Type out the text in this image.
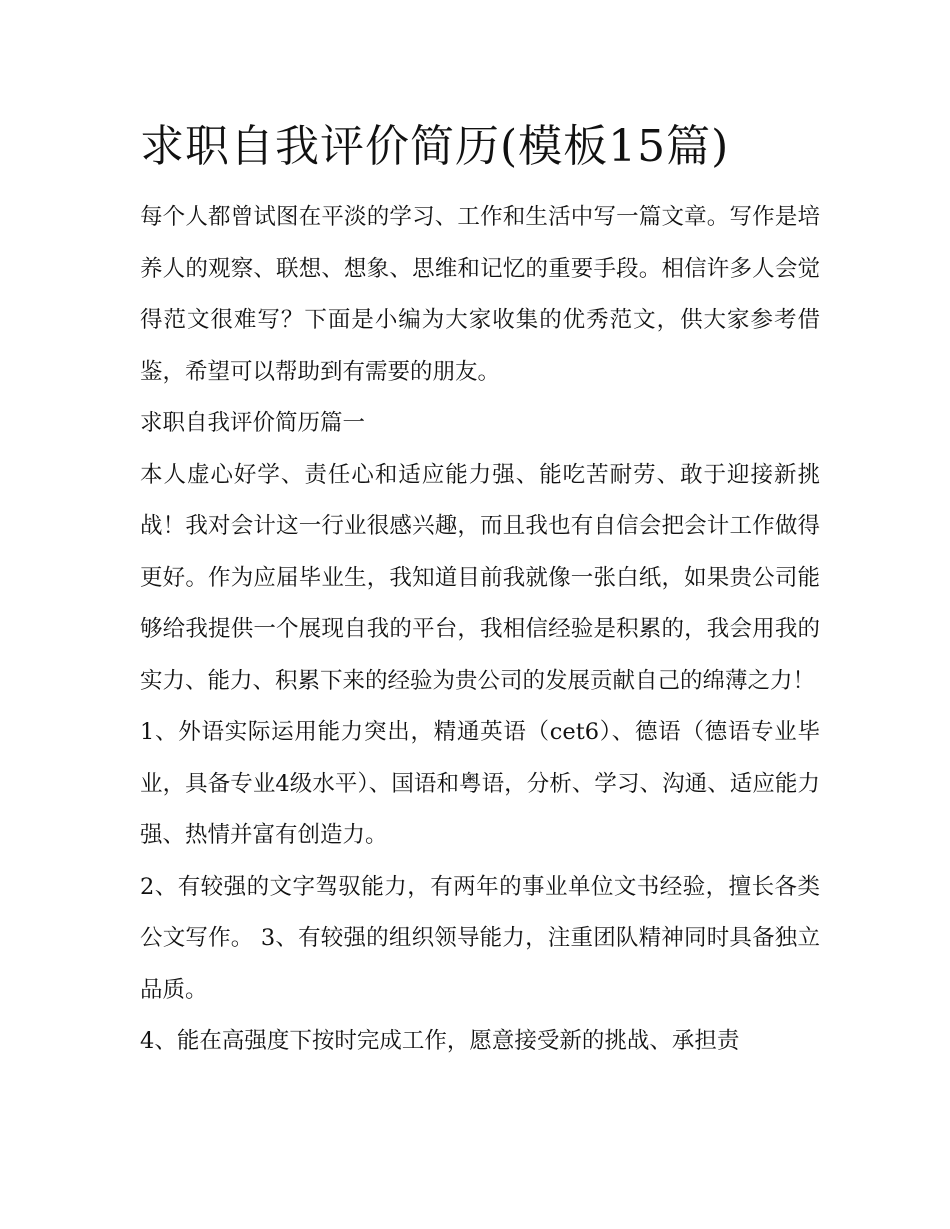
求职自我评价简历(模板15篇)

每个人都曾试图在平淡的学习、工作和生活中写一篇文章。写作是培养人的观察、联想、想象、思维和记忆的重要手段。相信许多人会觉得范文很难写？下面是小编为大家收集的优秀范文，供大家参考借鉴，希望可以帮助到有需要的朋友。

求职自我评价简历篇一

本人虚心好学、责任心和适应能力强、能吃苦耐劳、敢于迎接新挑战！我对会计这一行业很感兴趣，而且我也有自信会把会计工作做得更好。作为应届毕业生，我知道目前我就像一张白纸，如果贵公司能够给我提供一个展现自我的平台，我相信经验是积累的，我会用我的实力、能力、积累下来的经验为贵公司的发展贡献自己的绵薄之力！

1、外语实际运用能力突出，精通英语（cet6）、德语（德语专业毕业，具备专业4级水平）、国语和粤语，分析、学习、沟通、适应能力强、热情并富有创造力。

2、有较强的文字驾驭能力，有两年的事业单位文书经验，擅长各类公文写作。 3、有较强的组织领导能力，注重团队精神同时具备独立品质。

4、能在高强度下按时完成工作，愿意接受新的挑战、承担责
